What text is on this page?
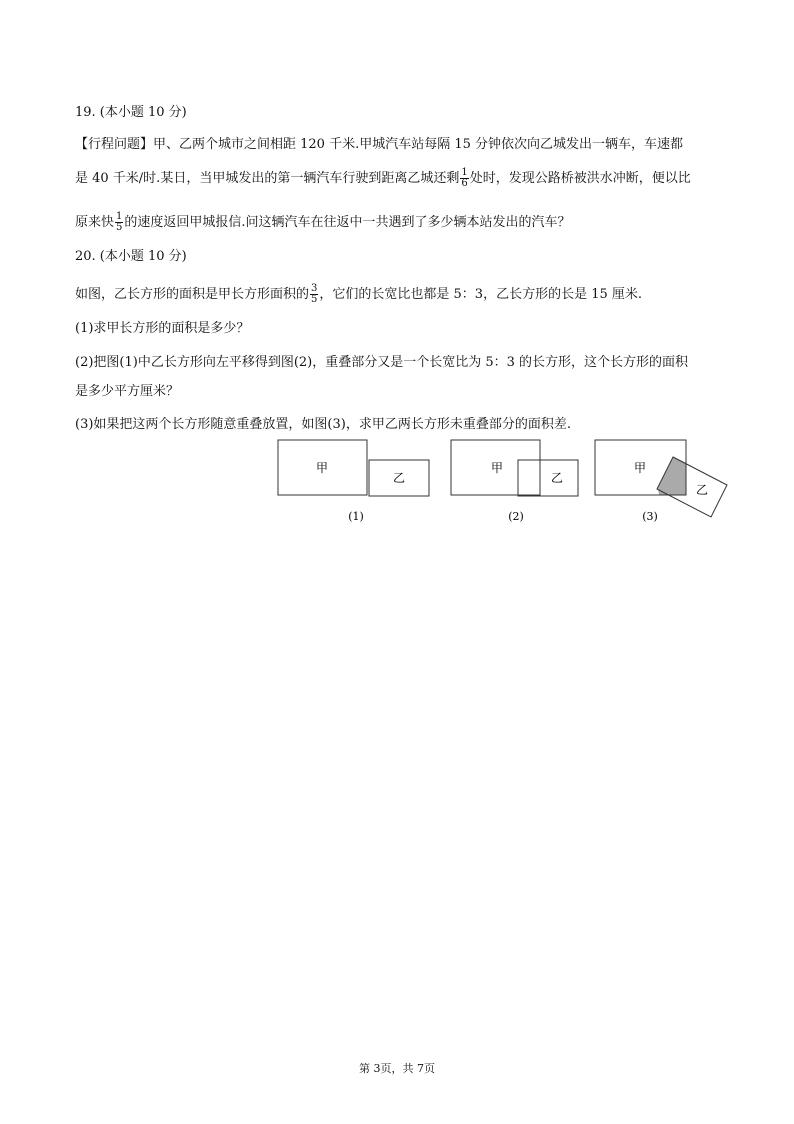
19. (本小题 10 分)
【行程问题】甲、乙两个城市之间相距 120 千米.甲城汽车站每隔 15 分钟依次向乙城发出一辆车，车速都
是 40 千米/时.某日，当甲城发出的第一辆汽车行驶到距离乙城还剩 $\frac{1}{6}$ 处时，发现公路桥被洪水冲断，便以比
原来快 $\frac{1}{5}$ 的速度返回甲城报信.问这辆汽车在往返中一共遇到了多少辆本站发出的汽车？
20. (本小题 10 分)
如图，乙长方形的面积是甲长方形面积的 $\frac{3}{5}$ ，它们的长宽比也都是 5：3，乙长方形的长是 15 厘米.
(1)求甲长方形的面积是多少？
(2)把图(1)中乙长方形向左平移得到图(2)，重叠部分又是一个长宽比为 5：3 的长方形，这个长方形的面积
是多少平方厘米？
(3)如果把这两个长方形随意重叠放置，如图(3)，求甲乙两长方形未重叠部分的面积差.
甲
乙
(1)
甲
乙
(2)
甲
乙
(3)
第 3页，共 7页
